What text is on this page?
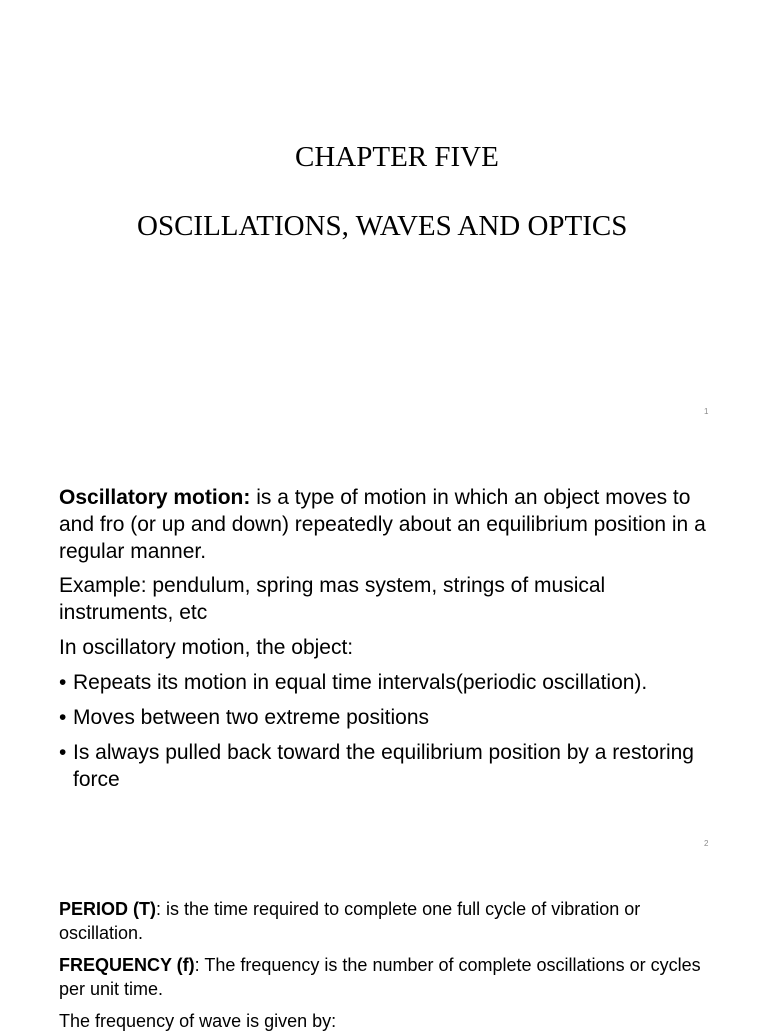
CHAPTER FIVE
OSCILLATIONS, WAVES AND OPTICS
1
Oscillatory motion: is a type of motion in which an object moves to and fro (or up and down) repeatedly about an equilibrium position in a regular manner.
Example: pendulum, spring mas system, strings of musical instruments, etc
In oscillatory motion, the object:
• Repeats its motion in equal time intervals(periodic oscillation).
• Moves between two extreme positions
• Is always pulled back toward the equilibrium position by a restoring force
2
PERIOD (T): is the time required to complete one full cycle of vibration or oscillation.
FREQUENCY (f): The frequency is the number of complete oscillations or cycles per unit time.
The frequency of wave is given by:
